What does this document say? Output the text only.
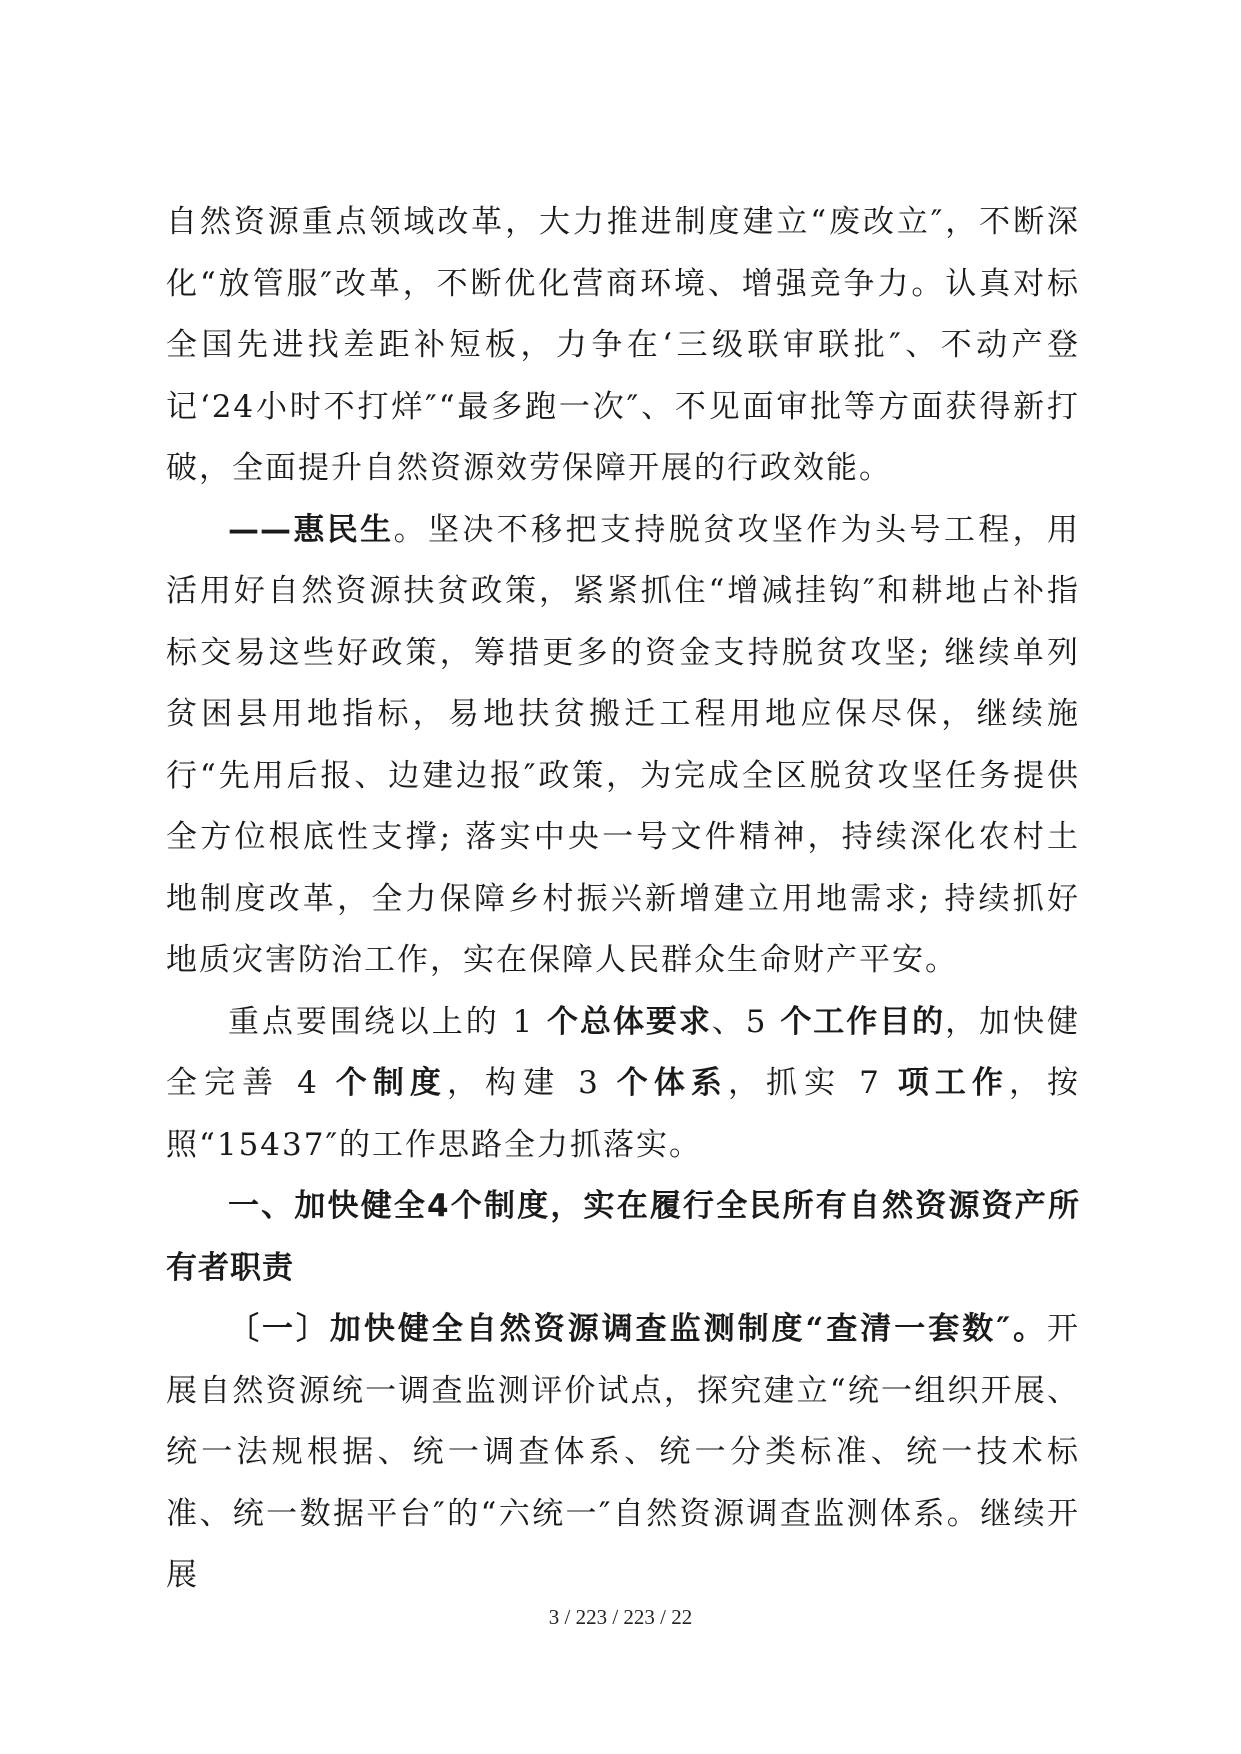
自然资源重点领域改革，大力推进制度建立“废改立″，不断深化“放管服″改革，不断优化营商环境、增强竞争力。认真对标全国先进找差距补短板，力争在‘三级联审联批″、不动产登记‘24小时不打烊″“最多跑一次″、不见面审批等方面获得新打破，全面提升自然资源效劳保障开展的行政效能。

——惠民生。坚决不移把支持脱贫攻坚作为头号工程，用活用好自然资源扶贫政策，紧紧抓住“增减挂钩″和耕地占补指标交易这些好政策，筹措更多的资金支持脱贫攻坚; 继续单列贫困县用地指标，易地扶贫搬迁工程用地应保尽保，继续施行“先用后报、边建边报″政策，为完成全区脱贫攻坚任务提供全方位根底性支撑; 落实中央一号文件精神，持续深化农村土地制度改革，全力保障乡村振兴新增建立用地需求; 持续抓好地质灾害防治工作，实在保障人民群众生命财产平安。

重点要围绕以上的 1 个总体要求、5 个工作目的，加快健全完善 4 个制度，构建 3 个体系，抓实 7 项工作，按照“15437″的工作思路全力抓落实。

一、加快健全4个制度，实在履行全民所有自然资源资产所有者职责

〔一〕加快健全自然资源调查监测制度“查清一套数″。开展自然资源统一调查监测评价试点，探究建立“统一组织开展、统一法规根据、统一调查体系、统一分类标准、统一技术标准、统一数据平台″的“六统一″自然资源调查监测体系。继续开展

3 / 223 / 223 / 22
